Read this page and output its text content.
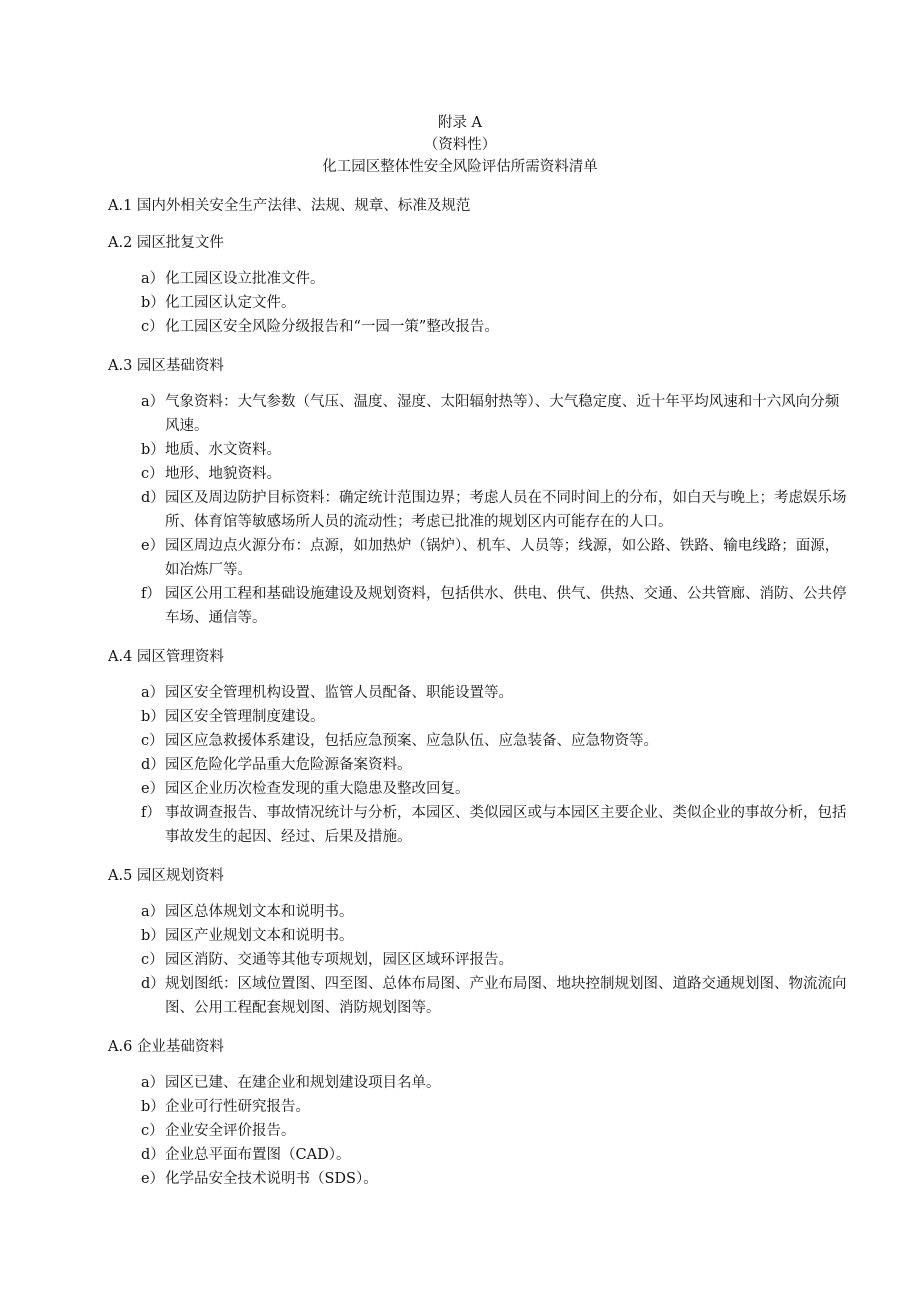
附录 A
（资料性）
化工园区整体性安全风险评估所需资料清单
A.1 国内外相关安全生产法律、法规、规章、标准及规范
A.2 园区批复文件
a） 化工园区设立批准文件。
b） 化工园区认定文件。
c） 化工园区安全风险分级报告和“一园一策”整改报告。
A.3 园区基础资料
a） 气象资料：大气参数（气压、温度、湿度、太阳辐射热等）、大气稳定度、近十年平均风速和十六风向分频风速。
b） 地质、水文资料。
c） 地形、地貌资料。
d） 园区及周边防护目标资料：确定统计范围边界；考虑人员在不同时间上的分布，如白天与晚上；考虑娱乐场所、体育馆等敏感场所人员的流动性；考虑已批准的规划区内可能存在的人口。
e） 园区周边点火源分布：点源，如加热炉（锅炉）、机车、人员等；线源，如公路、铁路、输电线路；面源，如冶炼厂等。
f） 园区公用工程和基础设施建设及规划资料，包括供水、供电、供气、供热、交通、公共管廊、消防、公共停车场、通信等。
A.4 园区管理资料
a） 园区安全管理机构设置、监管人员配备、职能设置等。
b） 园区安全管理制度建设。
c） 园区应急救援体系建设，包括应急预案、应急队伍、应急装备、应急物资等。
d） 园区危险化学品重大危险源备案资料。
e） 园区企业历次检查发现的重大隐患及整改回复。
f） 事故调查报告、事故情况统计与分析，本园区、类似园区或与本园区主要企业、类似企业的事故分析，包括事故发生的起因、经过、后果及措施。
A.5 园区规划资料
a） 园区总体规划文本和说明书。
b） 园区产业规划文本和说明书。
c） 园区消防、交通等其他专项规划，园区区域环评报告。
d） 规划图纸：区域位置图、四至图、总体布局图、产业布局图、地块控制规划图、道路交通规划图、物流流向图、公用工程配套规划图、消防规划图等。
A.6 企业基础资料
a） 园区已建、在建企业和规划建设项目名单。
b） 企业可行性研究报告。
c） 企业安全评价报告。
d） 企业总平面布置图（CAD）。
e） 化学品安全技术说明书（SDS）。
